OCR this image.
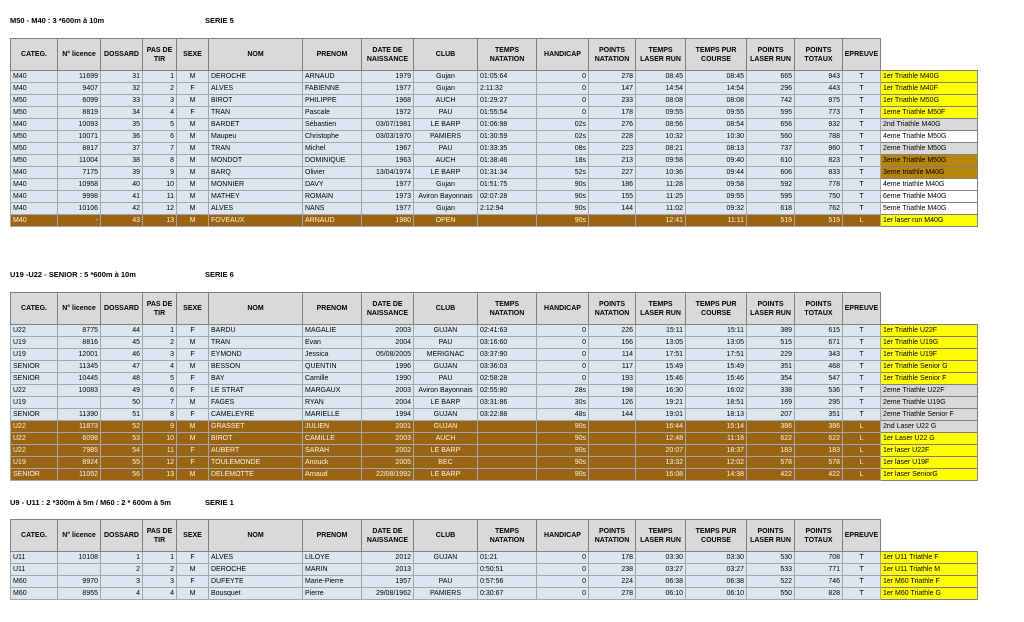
M50 - M40 : 3 *600m à 10m	SERIE 5
CATEG.	N° licence	DOSSARD	PAS DE TIR	SEXE	NOM	PRENOM	DATE DE NAISSANCE	CLUB	TEMPS NATATION	HANDICAP	POINTS NATATION	TEMPS LASER RUN	TEMPS PUR COURSE	POINTS LASER RUN	POINTS TOTAUX	EPREUVE	
M40	11699	31	1	M	DEROCHE	ARNAUD	1979	Gujan	01:05:64	0	278	08:45	08:45	665	943	T	1er Triathle M40G
M40	9407	32	2	F	ALVES	FABIENNE	1977	Gujan	2:11:32	0	147	14:54	14:54	296	443	T	1er Triathle M40F
M50	6099	33	3	M	BIROT	PHILIPPE	1968	AUCH	01:29:27	0	233	08:08	08:08	742	975	T	1er Triathle M50G
M50	8819	34	4	F	TRAN	Pascale	1972	PAU	01:55:54	0	178	09:55	09:55	595	773	T	1eme Triathle M50F
M40	10093	35	5	M	BARDET	Sébastien	03/07/1981	LE BARP	01:06:98	02s	276	08:56	08:54	656	932	T	2nd Triathle M40G
M50	10071	36	6	M	Maupeu	Christophe	03/03/1970	PAMIERS	01:30:59	02s	228	10:32	10:30	560	788	T	4eme Triathle M50G
M50	8817	37	7	M	TRAN	Michel	1967	PAU	01:33:35	08s	223	08:21	08:13	737	960	T	2eme Triathle M50G
M50	11004	38	8	M	MONDOT	DOMINIQUE	1963	AUCH	01:38:46	18s	213	09:58	09:40	610	823	T	3eme Triathle M50G
M40	7175	39	9	M	BARQ	Olivier	13/04/1974	LE BARP	01:31:34	52s	227	10:36	09:44	606	833	T	3eme triathle M40G
M40	10958	40	10	M	MONNIER	DAVY	1977	Gujan	01:51:75	90s	186	11:28	09:58	592	778	T	4eme triathle M40G
M40	9998	41	11	M	MATHEY	ROMAIN	1973	Aviron Bayonnais	02:07:28	90s	155	11:25	09:55	595	750	T	6eme Triathle M40G
M40	10106	42	12	M	ALVES	NANS	1977	Gujan	2:12:94	90s	144	11:02	09:32	618	762	T	5eme Triathle M40G
M40	-	43	13	M	FOVEAUX	ARNAUD	1980	OPEN		90s		12:41	11:11	519	519	L	1er laser run M40G
U19 -U22 - SENIOR : 5 *600m à 10m	SERIE 6
CATEG.	N° licence	DOSSARD	PAS DE TIR	SEXE	NOM	PRENOM	DATE DE NAISSANCE	CLUB	TEMPS NATATION	HANDICAP	POINTS NATATION	TEMPS LASER RUN	TEMPS PUR COURSE	POINTS LASER RUN	POINTS TOTAUX	EPREUVE	
U22	8775	44	1	F	BARDU	MAGALIE	2003	GUJAN	02:41:63	0	226	15:11	15:11	389	615	T	1er Triathle U22F
U19	8816	45	2	M	TRAN	Evan	2004	PAU	03:16:60	0	156	13:05	13:05	515	671	T	1er Triathle U19G
U19	12001	46	3	F	EYMOND	Jessica	05/08/2005	MERIGNAC	03:37:90	0	114	17:51	17:51	229	343	T	1er Triathle U19F
SENIOR	11345	47	4	M	BESSON	QUENTIN	1996	GUJAN	03:36:03	0	117	15:49	15:49	351	468	T	1er Triathle Senior G
SENIOR	10445	48	5	F	BAY	Camille	1990	PAU	02:58:28	0	193	15:46	15:46	354	547	T	1er Triathle Senior F
U22	10083	49	6	F	LE STRAT	MARGAUX	2003	Aviron Bayonnais	02:55:80	28s	198	16:30	16:02	338	536	T	2eme Triathle U22F
U19		50	7	M	FAGES	RYAN	2004	LE BARP	03:31:86	30s	126	19:21	18:51	169	295	T	2eme Triathle U19G
SENIOR	11390	51	8	F	CAMELEYRE	MARIELLE	1994	GUJAN	03:22:88	48s	144	19:01	18:13	207	351	T	2eme Triathle Senior F
U22	11873	52	9	M	GRASSET	JULIEN	2001	GUJAN		90s		16:44	15:14	386	386	L	2nd Laser U22 G
U22	6098	53	10	M	BIROT	CAMILLE	2003	AUCH		90s		12:48	11:18	622	622	L	1er Laser U22 G
U22	7985	54	11	F	AUBERT	SARAH	2002	LE BARP		90s		20:07	18:37	183	183	L	1er laser U22F
U19	8924	55	12	F	TOULEMONDE	Anouck	2005	BEC		90s		13:32	12:02	578	578	L	1er laser U19F
SENIOR	11052	56	13	M	DELEMOTTE	Arnaud	22/08/1992	LE BARP		90s		16:08	14:38	422	422	L	1er laser SeniorG
U9 - U11 : 2 *300m à 5m / M60 : 2 * 600m à 5m	SERIE 1
CATEG.	N° licence	DOSSARD	PAS DE TIR	SEXE	NOM	PRENOM	DATE DE NAISSANCE	CLUB	TEMPS NATATION	HANDICAP	POINTS NATATION	TEMPS LASER RUN	TEMPS PUR COURSE	POINTS LASER RUN	POINTS TOTAUX	EPREUVE	
U11	10108	1	1	F	ALVES	LILOYE	2012	GUJAN	01:21	0	178	03:30	03:30	530	708	T	1er U11 Triathle F
U11		2	2	M	DEROCHE	MARIN	2013		0:50:51	0	238	03:27	03:27	533	771	T	1er U11 Triathle M
M60	9970	3	3	F	DUFEYTE	Marie-Pierre	1957	PAU	0:57:56	0	224	06:38	06:38	522	746	T	1er M60 Triathle F
M60	8955	4	4	M	Bousquet	Pierre	29/08/1962	PAMIERS	0:30:67	0	278	06:10	06:10	550	828	T	1er M60 Triathle G
